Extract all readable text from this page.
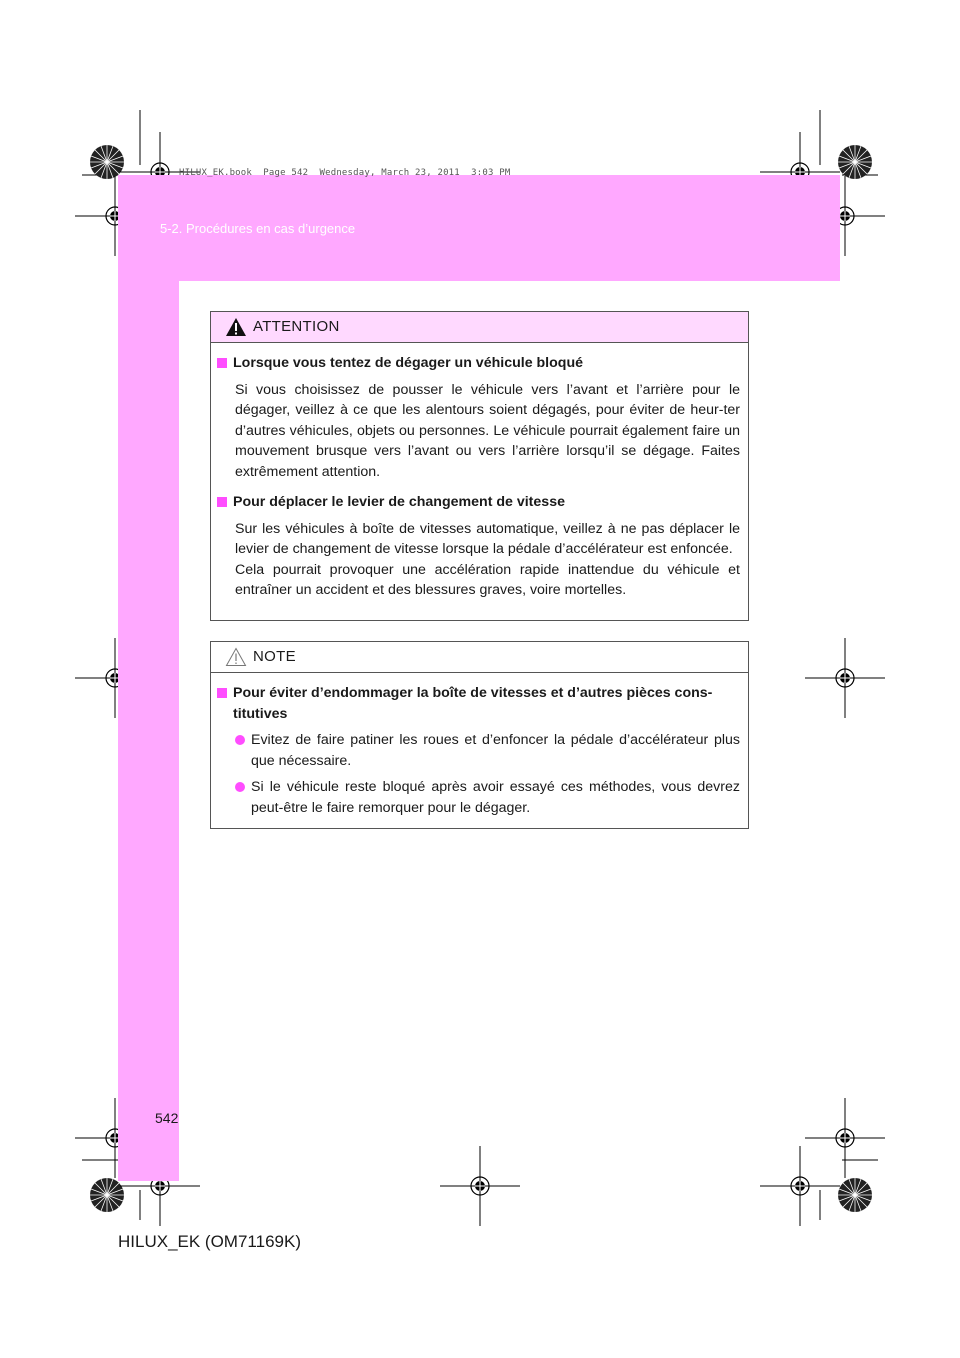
HILUX_EK.book  Page 542  Wednesday, March 23, 2011  3:03 PM
5-2. Procédures en cas d’urgence
ATTENTION
Lorsque vous tentez de dégager un véhicule bloqué
Si vous choisissez de pousser le véhicule vers l’avant et l’arrière pour le dégager, veillez à ce que les alentours soient dégagés, pour éviter de heur-ter d’autres véhicules, objets ou personnes. Le véhicule pourrait également faire un mouvement brusque vers l’avant ou vers l’arrière lorsqu’il se dégage. Faites extrêmement attention.
Pour déplacer le levier de changement de vitesse
Sur les véhicules à boîte de vitesses automatique, veillez à ne pas déplacer le levier de changement de vitesse lorsque la pédale d’accélérateur est enfoncée.
Cela pourrait provoquer une accélération rapide inattendue du véhicule et entraîner un accident et des blessures graves, voire mortelles.
NOTE
Pour éviter d’endommager la boîte de vitesses et d’autres pièces cons-titutives
Evitez de faire patiner les roues et d’enfoncer la pédale d’accélérateur plus que nécessaire.
Si le véhicule reste bloqué après avoir essayé ces méthodes, vous devrez peut-être le faire remorquer pour le dégager.
542
HILUX_EK (OM71169K)
